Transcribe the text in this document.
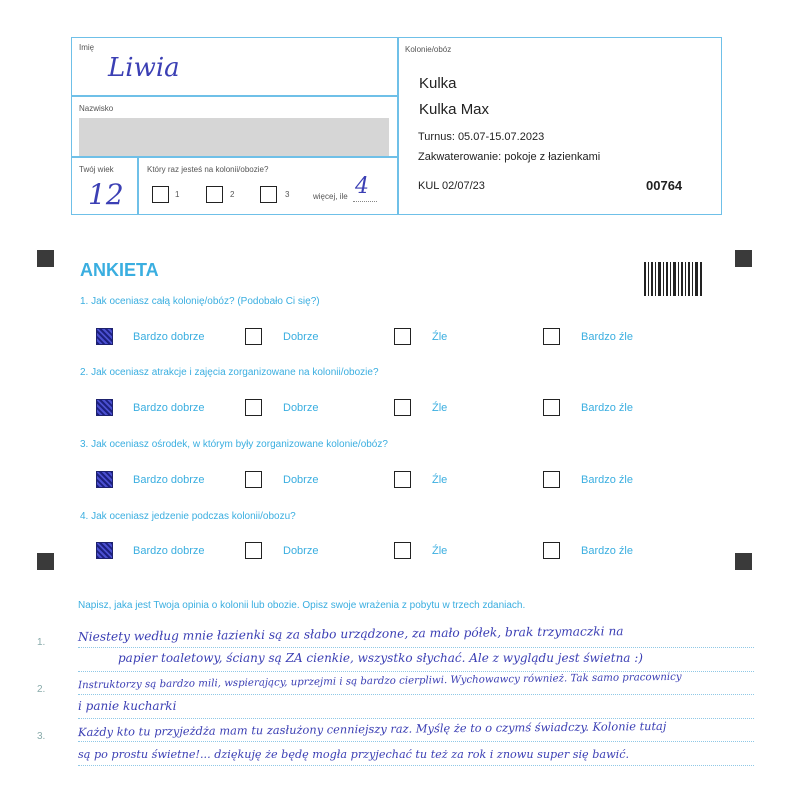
Imię
Liwia
Nazwisko
Twój wiek
12
Który raz jesteś na kolonii/obozie?
1	2	3	więcej, ile 4
Kolonie/obóz
Kulka
Kulka Max
Turnus: 05.07-15.07.2023
Zakwaterowanie: pokoje z łazienkami
KUL 02/07/23	00764
ANKIETA
1. Jak oceniasz całą kolonię/obóz? (Podobało Ci się?)
Bardzo dobrze	Dobrze	Źle	Bardzo źle
2. Jak oceniasz atrakcje i zajęcia zorganizowane na kolonii/obozie?
Bardzo dobrze	Dobrze	Źle	Bardzo źle
3. Jak oceniasz ośrodek, w którym były zorganizowane kolonie/obóz?
Bardzo dobrze	Dobrze	Źle	Bardzo źle
4. Jak oceniasz jedzenie podczas kolonii/obozu?
Bardzo dobrze	Dobrze	Źle	Bardzo źle
Napisz, jaka jest Twoja opinia o kolonii lub obozie. Opisz swoje wrażenia z pobytu w trzech zdaniach.
1.
2.
3.
Niestety według mnie łazienki są za słabo urządzone, za mało półek, brak trzymaczki na
papier toaletowy, ściany są ZA cienkie, wszystko słychać. Ale z wyglądu jest świetna :)
Instruktorzy są bardzo mili, wspierający, uprzejmi i są bardzo cierpliwi. Wychowawcy również. Tak samo pracownicy
i panie kucharki
Każdy kto tu przyjeżdża mam tu zasłużony cenniejszy raz. Myślę że to o czymś świadczy. Kolonie tutaj
są po prostu świetne!... dziękuję że będę mogła przyjechać tu też za rok i znowu super się bawić.
